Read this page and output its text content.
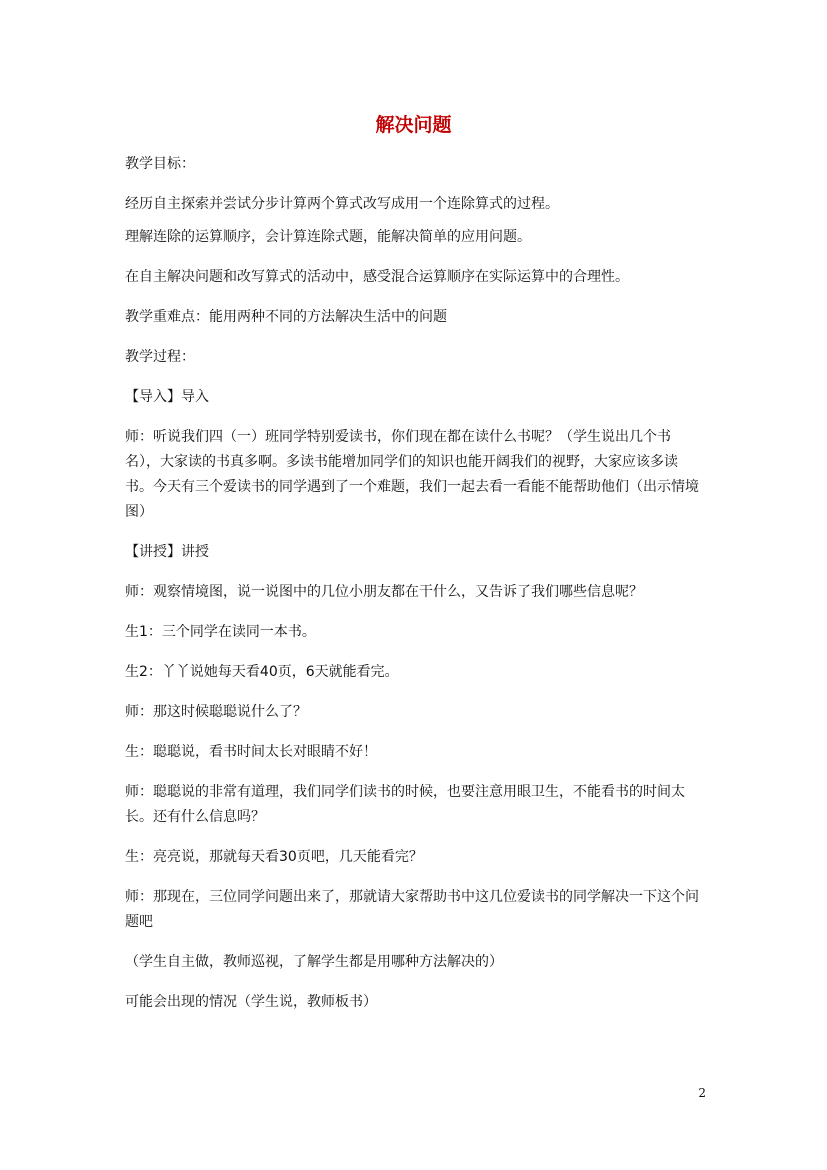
解决问题

教学目标：

经历自主探索并尝试分步计算两个算式改写成用一个连除算式的过程。

理解连除的运算顺序，会计算连除式题，能解决简单的应用问题。

在自主解决问题和改写算式的活动中，感受混合运算顺序在实际运算中的合理性。

教学重难点：能用两种不同的方法解决生活中的问题

教学过程：

【导入】导入

师：听说我们四（一）班同学特别爱读书，你们现在都在读什么书呢？（学生说出几个书名），大家读的书真多啊。多读书能增加同学们的知识也能开阔我们的视野，大家应该多读书。今天有三个爱读书的同学遇到了一个难题，我们一起去看一看能不能帮助他们（出示情境图）

【讲授】讲授

师：观察情境图，说一说图中的几位小朋友都在干什么，又告诉了我们哪些信息呢？

生1：三个同学在读同一本书。

生2：丫丫说她每天看40页，6天就能看完。

师：那这时候聪聪说什么了？

生：聪聪说，看书时间太长对眼睛不好！

师：聪聪说的非常有道理，我们同学们读书的时候，也要注意用眼卫生，不能看书的时间太长。还有什么信息吗？

生：亮亮说，那就每天看30页吧，几天能看完？

师：那现在，三位同学问题出来了，那就请大家帮助书中这几位爱读书的同学解决一下这个问题吧

（学生自主做，教师巡视，了解学生都是用哪种方法解决的）

可能会出现的情况（学生说，教师板书）

2
